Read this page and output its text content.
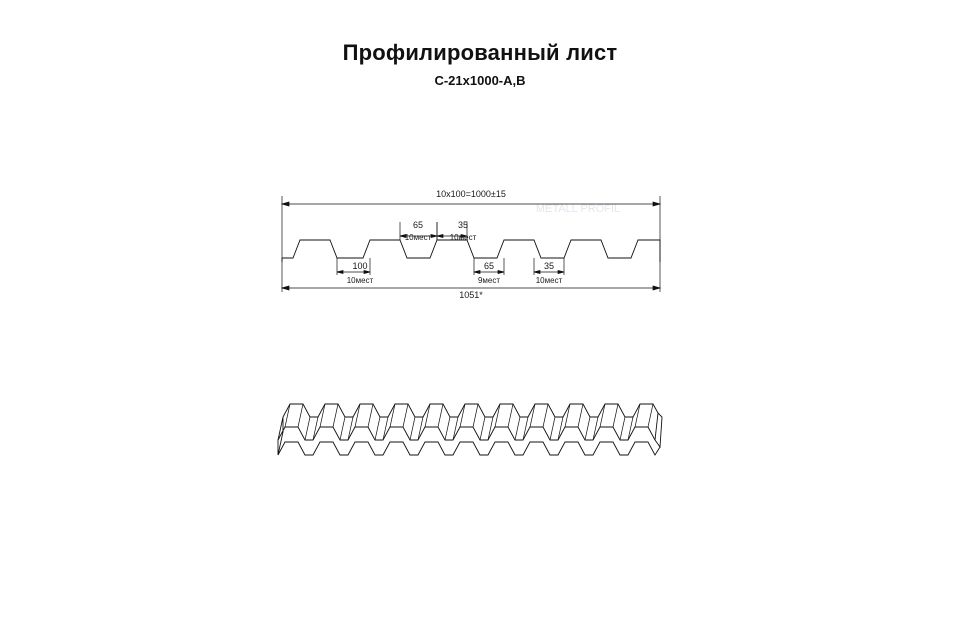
Профилированный лист
С-21x1000-А,В
10x100=1000±15
1051*
65
10мест
35
10мест
100
10мест
65
9мест
35
10мест
METALL PROFIL
